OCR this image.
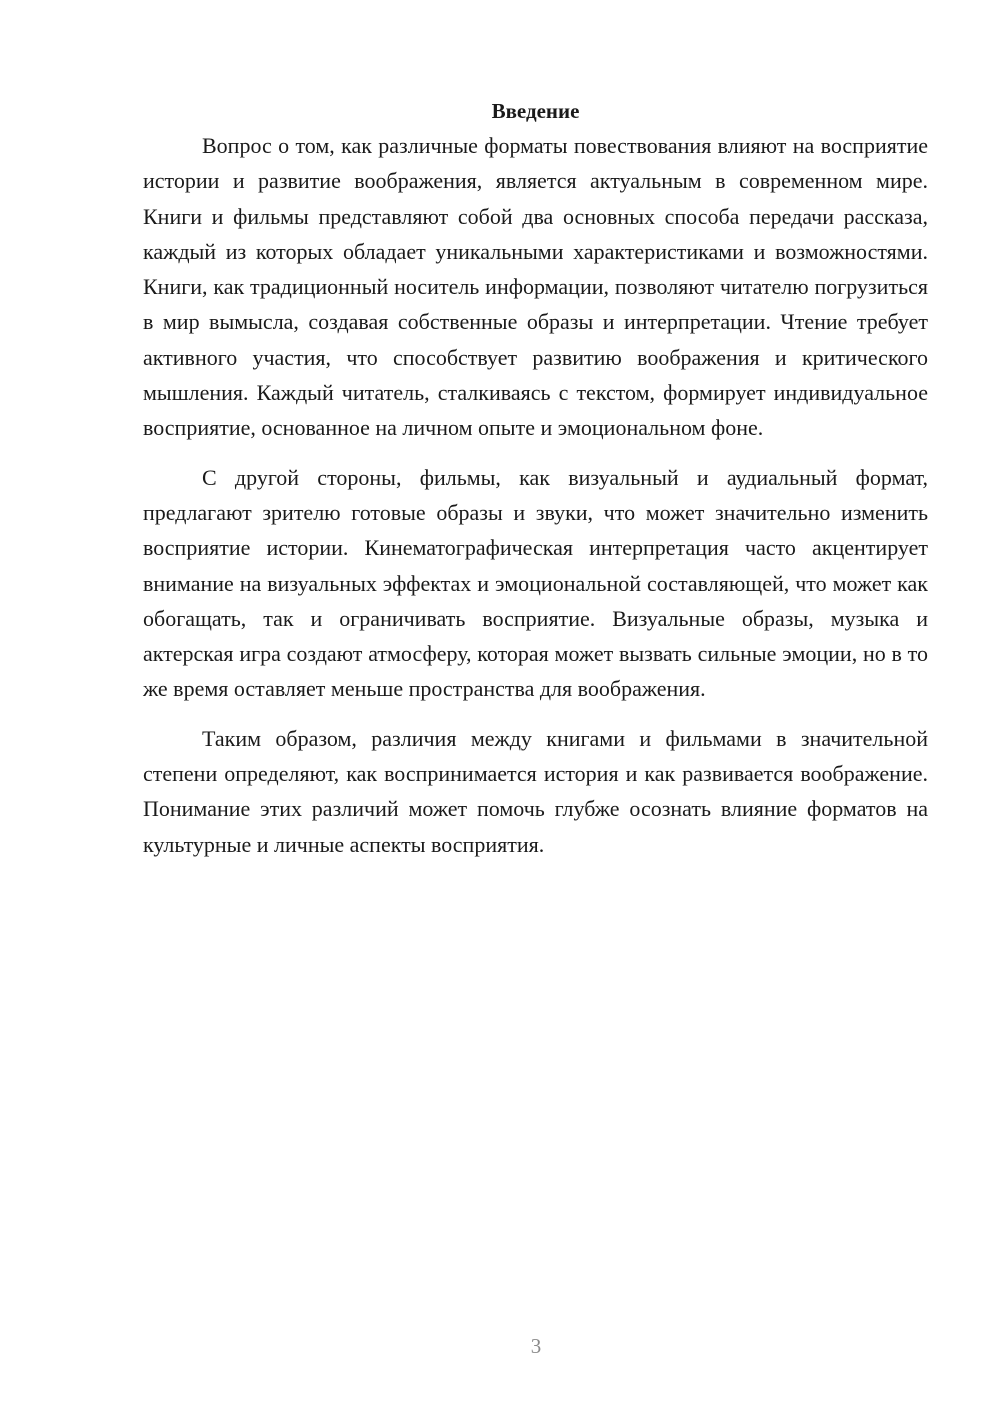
Введение

Вопрос о том, как различные форматы повествования влияют на восприятие истории и развитие воображения, является актуальным в современном мире. Книги и фильмы представляют собой два основных способа передачи рассказа, каждый из которых обладает уникальными характеристиками и возможностями. Книги, как традиционный носитель информации, позволяют читателю погрузиться в мир вымысла, создавая собственные образы и интерпретации. Чтение требует активного участия, что способствует развитию воображения и критического мышления. Каждый читатель, сталкиваясь с текстом, формирует индивидуальное восприятие, основанное на личном опыте и эмоциональном фоне.

С другой стороны, фильмы, как визуальный и аудиальный формат, предлагают зрителю готовые образы и звуки, что может значительно изменить восприятие истории. Кинематографическая интерпретация часто акцентирует внимание на визуальных эффектах и эмоциональной составляющей, что может как обогащать, так и ограничивать восприятие. Визуальные образы, музыка и актерская игра создают атмосферу, которая может вызвать сильные эмоции, но в то же время оставляет меньше пространства для воображения.

Таким образом, различия между книгами и фильмами в значительной степени определяют, как воспринимается история и как развивается воображение. Понимание этих различий может помочь глубже осознать влияние форматов на культурные и личные аспекты восприятия.

3
